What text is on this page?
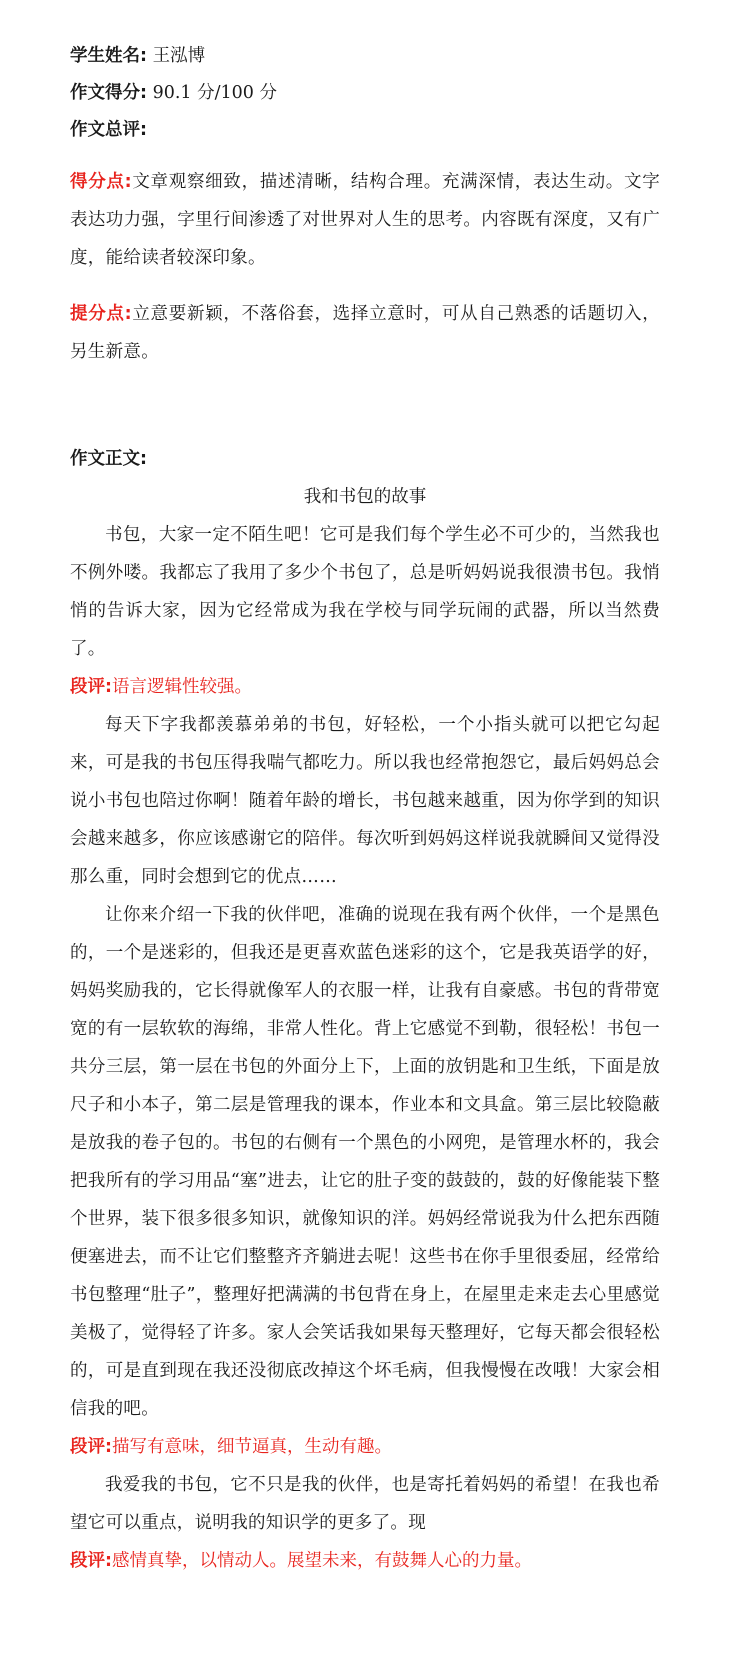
学生姓名: 王泓博
作文得分: 90.1 分/100 分
作文总评:
得分点:文章观察细致，描述清晰，结构合理。充满深情，表达生动。文字表达功力强，字里行间渗透了对世界对人生的思考。内容既有深度，又有广度，能给读者较深印象。
提分点:立意要新颖，不落俗套，选择立意时，可从自己熟悉的话题切入，另生新意。
作文正文:
我和书包的故事
书包，大家一定不陌生吧！它可是我们每个学生必不可少的，当然我也不例外喽。我都忘了我用了多少个书包了，总是听妈妈说我很溃书包。我悄悄的告诉大家，因为它经常成为我在学校与同学玩闹的武器，所以当然费了。
段评:语言逻辑性较强。
每天下字我都羡慕弟弟的书包，好轻松，一个小指头就可以把它勾起来，可是我的书包压得我喘气都吃力。所以我也经常抱怨它，最后妈妈总会说小书包也陪过你啊！随着年龄的增长，书包越来越重，因为你学到的知识会越来越多，你应该感谢它的陪伴。每次听到妈妈这样说我就瞬间又觉得没那么重，同时会想到它的优点……
让你来介绍一下我的伙伴吧，准确的说现在我有两个伙伴，一个是黑色的，一个是迷彩的，但我还是更喜欢蓝色迷彩的这个，它是我英语学的好，妈妈奖励我的，它长得就像军人的衣服一样，让我有自豪感。书包的背带宽宽的有一层软软的海绵，非常人性化。背上它感觉不到勒，很轻松！书包一共分三层，第一层在书包的外面分上下，上面的放钥匙和卫生纸，下面是放尺子和小本子，第二层是管理我的课本，作业本和文具盒。第三层比较隐蔽是放我的卷子包的。书包的右侧有一个黑色的小网兜，是管理水杯的，我会把我所有的学习用品“塞”进去，让它的肚子变的鼓鼓的，鼓的好像能装下整个世界，装下很多很多知识，就像知识的洋。妈妈经常说我为什么把东西随便塞进去，而不让它们整整齐齐躺进去呢！这些书在你手里很委屈，经常给书包整理“肚子”，整理好把满满的书包背在身上，在屋里走来走去心里感觉美极了，觉得轻了许多。家人会笑话我如果每天整理好，它每天都会很轻松的，可是直到现在我还没彻底改掉这个坏毛病，但我慢慢在改哦！大家会相信我的吧。
段评:描写有意味，细节逼真，生动有趣。
我爱我的书包，它不只是我的伙伴，也是寄托着妈妈的希望！在我也希望它可以重点，说明我的知识学的更多了。现
段评:感情真挚，以情动人。展望未来，有鼓舞人心的力量。
